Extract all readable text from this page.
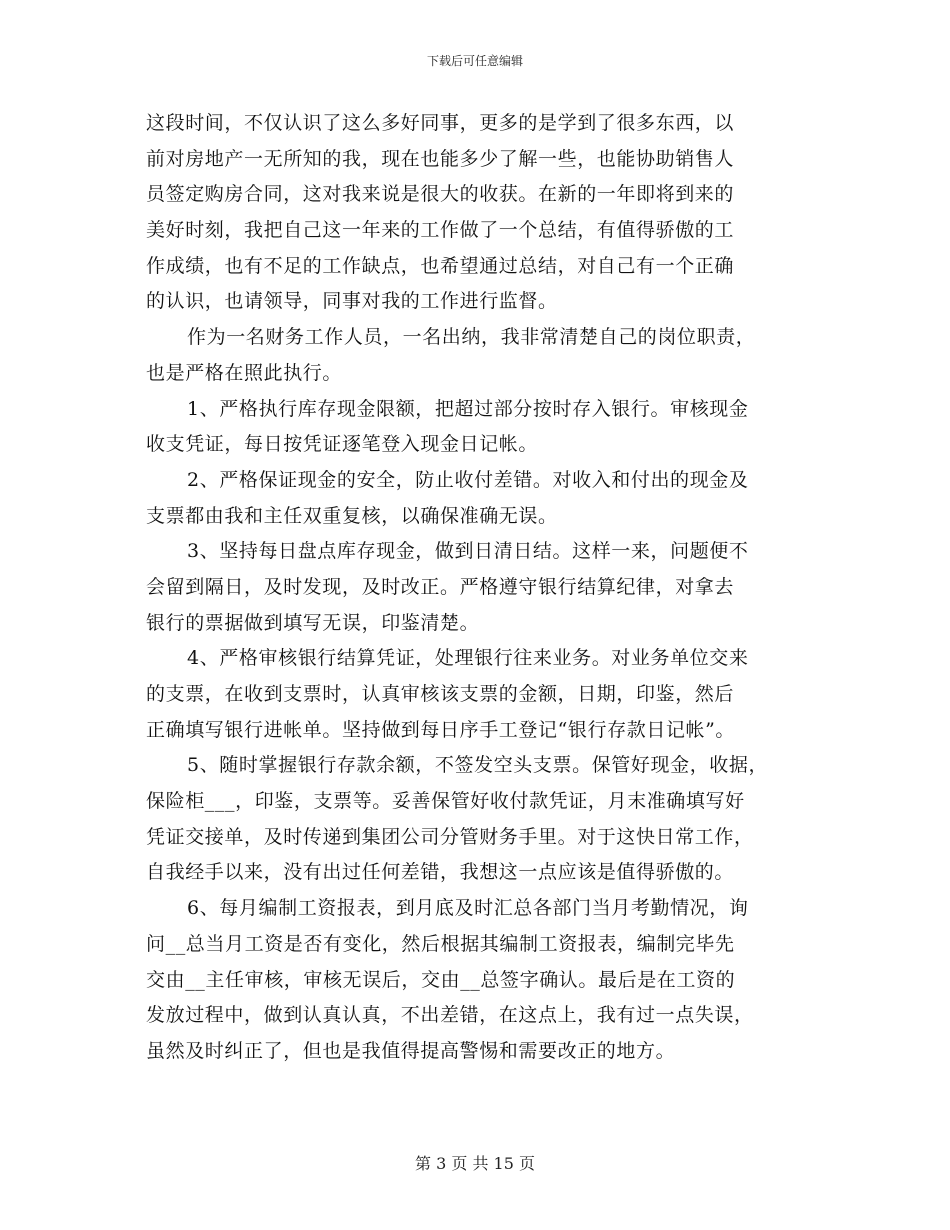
下载后可任意编辑
这段时间，不仅认识了这么多好同事，更多的是学到了很多东西，以
前对房地产一无所知的我，现在也能多少了解一些，也能协助销售人
员签定购房合同，这对我来说是很大的收获。在新的一年即将到来的
美好时刻，我把自己这一年来的工作做了一个总结，有值得骄傲的工
作成绩，也有不足的工作缺点，也希望通过总结，对自己有一个正确
的认识，也请领导，同事对我的工作进行监督。
作为一名财务工作人员，一名出纳，我非常清楚自己的岗位职责，
也是严格在照此执行。
1、严格执行库存现金限额，把超过部分按时存入银行。审核现金
收支凭证，每日按凭证逐笔登入现金日记帐。
2、严格保证现金的安全，防止收付差错。对收入和付出的现金及
支票都由我和主任双重复核，以确保准确无误。
3、坚持每日盘点库存现金，做到日清日结。这样一来，问题便不
会留到隔日，及时发现，及时改正。严格遵守银行结算纪律，对拿去
银行的票据做到填写无误，印鉴清楚。
4、严格审核银行结算凭证，处理银行往来业务。对业务单位交来
的支票，在收到支票时，认真审核该支票的金额，日期，印鉴，然后
正确填写银行进帐单。坚持做到每日序手工登记“银行存款日记帐”。
5、随时掌握银行存款余额，不签发空头支票。保管好现金，收据，
保险柜___，印鉴，支票等。妥善保管好收付款凭证，月末准确填写好
凭证交接单，及时传递到集团公司分管财务手里。对于这快日常工作，
自我经手以来，没有出过任何差错，我想这一点应该是值得骄傲的。
6、每月编制工资报表，到月底及时汇总各部门当月考勤情况，询
问__总当月工资是否有变化，然后根据其编制工资报表，编制完毕先
交由__主任审核，审核无误后，交由__总签字确认。最后是在工资的
发放过程中，做到认真认真，不出差错，在这点上，我有过一点失误，
虽然及时纠正了，但也是我值得提高警惕和需要改正的地方。
第 3 页 共 15 页
